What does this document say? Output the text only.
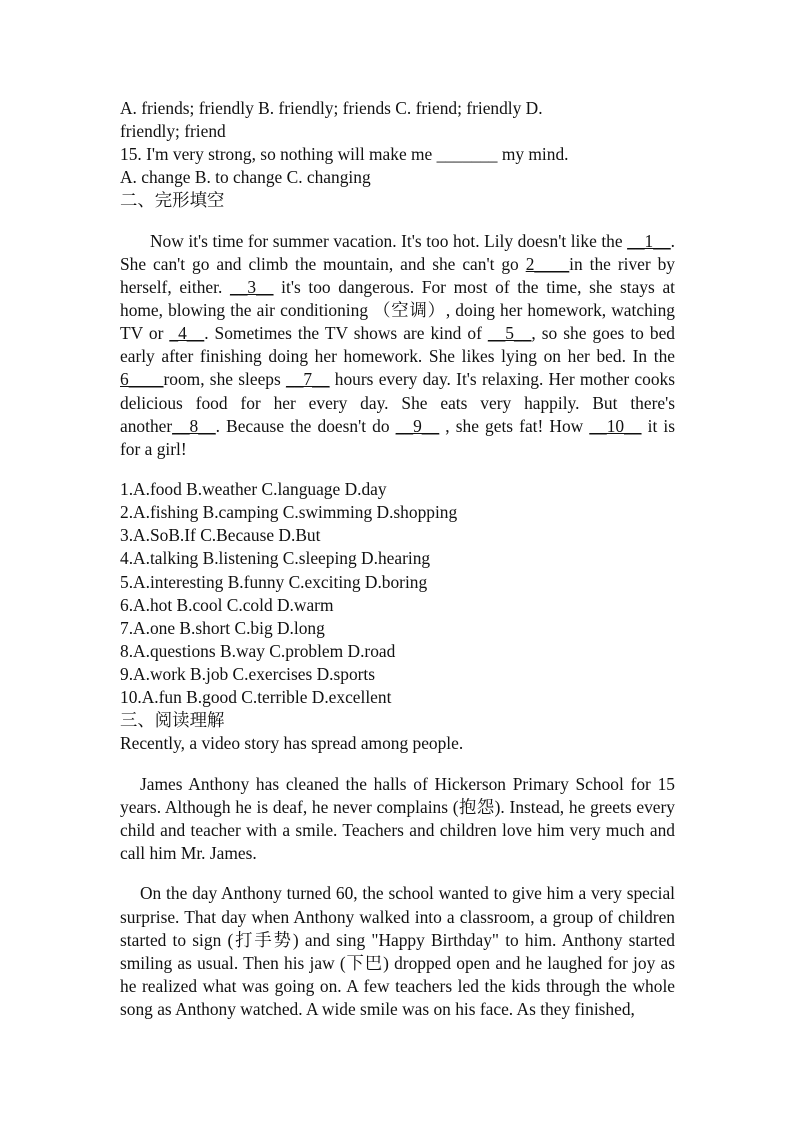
A. friends; friendly B. friendly; friends C. friend; friendly D.

friendly; friend

15. I'm very strong, so nothing will make me _______ my mind.

A. change B. to change C. changing

二、完形填空

Now it's time for summer vacation. It's too hot. Lily doesn't like the __1__. She can't go and climb the mountain, and she can't go 2____in the river by herself, either. __3__ it's too dangerous. For most of the time, she stays at home, blowing the air conditioning （空调）, doing her homework, watching TV or _4__. Sometimes the TV shows are kind of __5__, so she goes to bed early after finishing doing her homework. She likes lying on her bed. In the 6____room, she sleeps __7__ hours every day. It's relaxing. Her mother cooks delicious food for her every day. She eats very happily. But there's another__8__. Because the doesn't do __9__ , she gets fat! How __10__ it is for a girl!

1.A.food B.weather C.language D.day

2.A.fishing B.camping C.swimming D.shopping

3.A.SoB.If C.Because D.But

4.A.talking B.listening C.sleeping D.hearing

5.A.interesting B.funny C.exciting D.boring

6.A.hot B.cool C.cold D.warm

7.A.one B.short C.big D.long

8.A.questions B.way C.problem D.road

9.A.work B.job C.exercises D.sports

10.A.fun B.good C.terrible D.excellent

三、阅读理解

Recently, a video story has spread among people.

James Anthony has cleaned the halls of Hickerson Primary School for 15 years. Although he is deaf, he never complains (抱怨). Instead, he greets every child and teacher with a smile. Teachers and children love him very much and call him Mr. James.

On the day Anthony turned 60, the school wanted to give him a very special surprise. That day when Anthony walked into a classroom, a group of children started to sign (打手势) and sing "Happy Birthday" to him. Anthony started smiling as usual. Then his jaw (下巴) dropped open and he laughed for joy as he realized what was going on. A few teachers led the kids through the whole song as Anthony watched. A wide smile was on his face. As they finished,
